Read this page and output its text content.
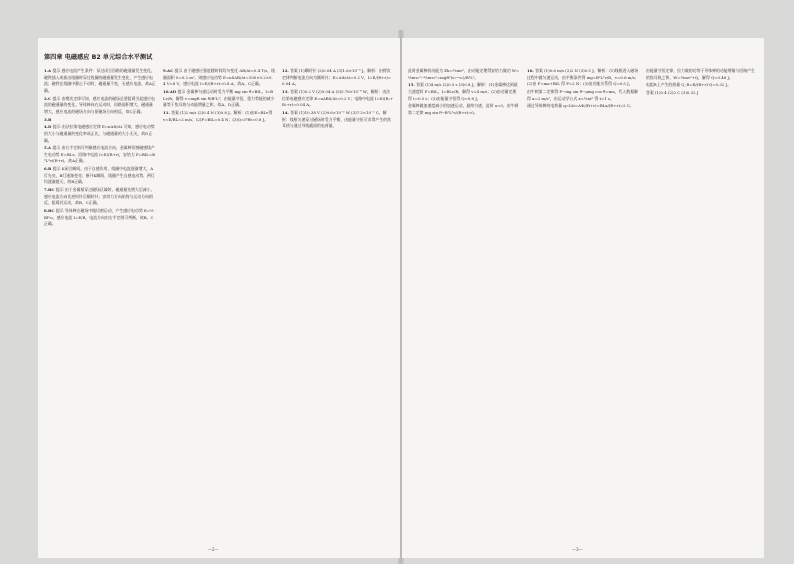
第四章 电磁感应 B2 单元综合水平测试

1.A 提示 感应电流产生条件：穿过闭合回路的磁通量发生变化。磁铁插入或拔出线圈时穿过线圈的磁通量发生变化，产生感应电流；磁铁在线圈中静止不动时，磁通量不变，无感应电流，故A正确。

2.C 提示 由楞次定律可知，感应电流的磁场总要阻碍引起感应电流的磁通量的变化。导体棒向右运动时，回路面积增大，磁通量增大，感应电流的磁场方向与原磁场方向相反，故C正确。

3.B

4.D 提示 由法拉第电磁感应定律 E=nΔΦ/Δt 可知，感应电动势的大小与磁通量的变化率成正比，与磁通量的大小无关，故D正确。

5.A 提示 由右手定则可判断感应电流方向，金属棒切割磁感线产生电动势 E=BLv，回路中电流 I=E/(R+r)，安培力 F=BIL=B²L²v/(R+r)，故A正确。

6.B 提示 K闭合瞬间，由于自感作用，线圈中电流逐渐增大，A灯先亮，B灯逐渐变亮；断开K瞬间，线圈产生自感电动势，两灯均逐渐熄灭，故B正确。

7.BC 提示 由于金属框穿过磁场区域时，磁通量先增大后减小，感应电流方向先逆时针后顺时针；安培力方向始终与运动方向相反，阻碍其运动，故B、C正确。

8.BC 提示 导体棒在磁场中做切割运动，产生感应电动势 E=½Bl²ω，感应电流 I=E/R，电流方向由右手定则可判断，故B、C正确。

9.AC 提示 由于磁感应强度随时间均匀变化 ΔB/Δt=0.4 T/s，线圈面积 S=0.2 m²，则感应电动势 E=nSΔB/Δt=100×0.2×0.4 V=8 V，感应电流 I=E/(R+r)=0.8 A，故A、C正确。

10.AD 提示 金属棒匀速运动时受力平衡 mg sin θ=BIL，I=BLv/R，解得 v=mgR sin θ/B²L²；由能量守恒，重力势能的减少量等于焦耳热与动能增量之和，故A、D正确。

11. 答案 (1)2 m/s (2)0.4 N (3)0.8 J。解析：(1)由E=BLv得 v=E/BL=2 m/s；(2)F=BIL=0.4 N；(3)Q=I²Rt=0.8 J。

12. 答案 (1)顺时针 (2)0.04 A (3)1.6×10⁻³ J。解析：由楞次定律判断电流方向为顺时针；E=ΔΦ/Δt=0.2 V，I=E/(R+r)=0.04 A。

13. 答案 (1)0.2 V (2)0.04 A (3)5.76×10⁻⁴ W。解析：由法拉第电磁感应定律 E=nΔBS/Δt=0.2 V；电路中电流 I=E/(R₁+R₂+r)=0.04 A。

14. 答案 (1)10.38 V (2)9.6×10⁻² W (3)7.2×10⁻² C。解析：线框匀速穿过磁场时受力平衡，由能量守恒可求得产生的焦耳热与通过导线截面的电荷量。

—2—

此时金属棒的动能为 Ek=½mv²，由动能定理得安培力做功 W=½mv₁²−½mv₂²=mgR²(v₁−v₂)/B²L²。

15. 答案 (1)4 m/s (2)0.5 s (3)0.8 J。解析：(1)金属棒达到最大速度时 F=BIL，I=BLv/R，解得 v=4 m/s；(2)由动量定理得 t=0.5 s；(3)由能量守恒得 Q=0.8 J。

金属棒做加速度减小的加速运动，最终匀速，此时 a=0，由牛顿第二定律 mg sin θ−B²L²v/(R+r)=0。

16. 答案 (1)0.6 m/s (2)2 N (3)0.5 J。解析：(1)线框进入磁场过程中做匀速运动，由平衡条件得 mg=B²L²v/R，v=0.6 m/s；(2)由 F=ma+BIL 得 F=2 N；(3)由功能关系得 Q=0.5 J。

由牛顿第二定律得 F−mg sin θ−μmg cos θ=ma，代入数据解得 a=2 m/s²，由运动学公式 x=½at² 得 t=1 s。

通过导体棒的电荷量 q=IΔt=ΔΦ/(R+r)=BLx/(R+r)=2 C。

由能量守恒定律，拉力做的功等于导体棒的动能增量与回路产生的焦耳热之和，W=½mv²+Q，解得 Q=0.48 J。

电阻R上产生的热量 Q_R=R/(R+r)·Q=0.32 J。

答案 (1)0.4 (2)2 C (3)0.32 J

—3—
